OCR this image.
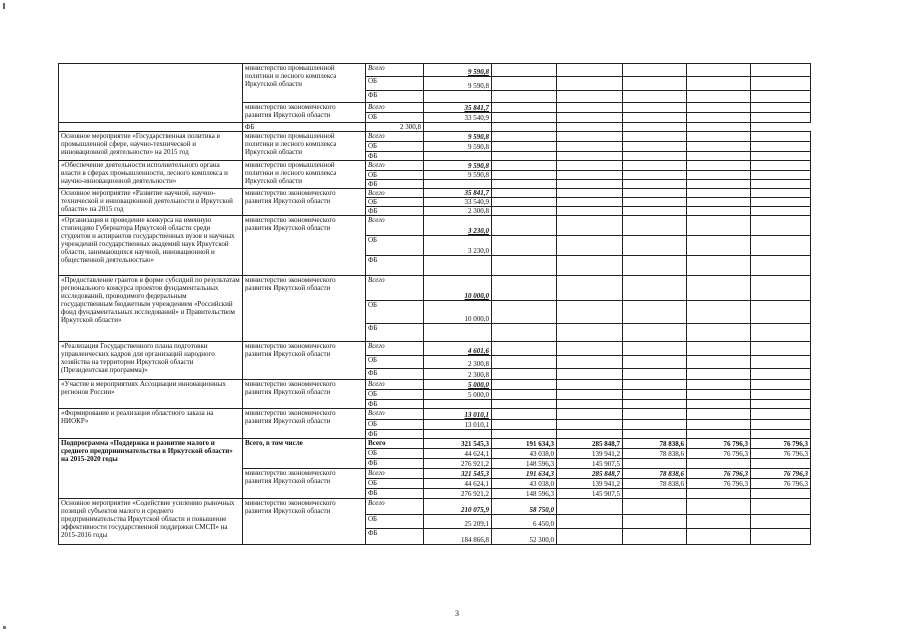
	министерство промышленной политики и лесного комплекса Иркутской области	Всего	9 590,8					
		ОБ	9 590,8					
		ФБ						
	министерство экономического развития Иркутской области	Всего	35 841,7					
		ОБ	33 540,9					
	ФБ	2 300,8						
Основное мероприятие «Государственная политика в промышленной сфере, научно-технической и инновационной деятельности» на 2015 год	министерство промышленной политики и лесного комплекса Иркутской области	Всего	9 590,8					
		ОБ	9 590,8					
		ФБ						
«Обеспечение деятельности исполнительного органа власти в сферах промышленности, лесного комплекса и научно-инновационной деятельности»	министерство промышленной политики и лесного комплекса Иркутской области	Всего	9 590,8					
		ОБ	9 590,8					
		ФБ						
Основное мероприятие «Развитие научной, научно-технической и инновационной деятельности в Иркутской области» на 2015 год	министерство экономического развития Иркутской области	Всего	35 841,7					
		ОБ	33 540,9					
		ФБ	2 300,8					
«Организация и проведение конкурса на именную стипендию Губернатора Иркутской области среди студентов и аспирантов государственных вузов и научных учреждений государственных академий наук Иркутской области, занимающихся научной, инновационной и общественной деятельностью»	министерство экономического развития Иркутской области	Всего	3 230,0					
		ОБ	3 230,0					
		ФБ						
«Предоставление грантов в форме субсидий по результатам регионального конкурса проектов фундаментальных исследований, проводимого федеральным государственным бюджетным учреждением «Российский фонд фундаментальных исследований» и Правительством Иркутской области»	министерство экономического развития Иркутской области	Всего	10 000,0					
		ОБ	10 000,0					
		ФБ						
«Реализация Государственного плана подготовки управленческих кадров для организаций народного хозяйства на территории Иркутской области (Президентская программа)»	министерство экономического развития Иркутской области	Всего	4 601,6					
		ОБ	2 300,8					
		ФБ	2 300,8					
«Участие в мероприятиях Ассоциации инновационных регионов России»	министерство экономического развития Иркутской области	Всего	5 000,0					
		ОБ	5 000,0					
		ФБ						
«Формирование и реализация областного заказа на НИОКР»	министерство экономического развития Иркутской области	Всего	13 010,1					
		ОБ	13 010,1					
		ФБ						
Подпрограмма «Поддержка и развитие малого и среднего предпринимательства в Иркутской области» на 2015-2020 годы	Всего, в том числе	Всего	321 545,3	191 634,3	285 848,7	78 838,6	76 796,3	76 796,3
		ОБ	44 624,1	43 038,0	139 941,2	78 838,6	76 796,3	76 796,3
		ФБ	276 921,2	148 596,3	145 907,5			
	министерство экономического развития Иркутской области	Всего	321 545,3	191 634,3	285 848,7	78 838,6	76 796,3	76 796,3
		ОБ	44 624,1	43 038,0	139 941,2	78 838,6	76 796,3	76 796,3
		ФБ	276 921,2	148 596,3	145 907,5			
Основное мероприятие «Содействие усилению рыночных позиций субъектов малого и среднего предпринимательства Иркутской области и повышение эффективности государственной поддержки СМСП» на 2015-2016 годы	министерство экономического развития Иркутской области	Всего	210 075,9	58 750,0				
		ОБ	25 209,1	6 450,0				
		ФБ	184 866,8	52 300,0				
3
